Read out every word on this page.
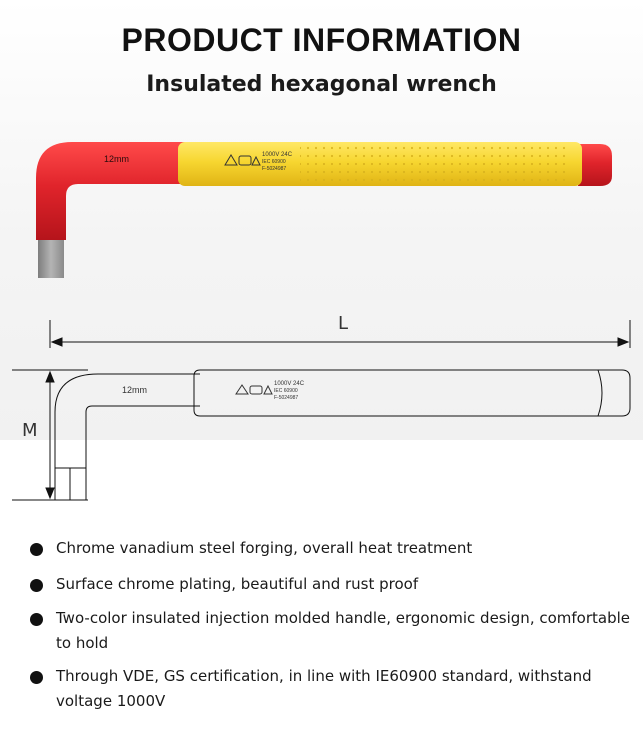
PRODUCT INFORMATION
Insulated hexagonal wrench
12mm	1000V 24C
IEC 60900
F-5024987
L
M
12mm
1000V 24C
IEC 60900
F-5024987
Chrome vanadium steel forging, overall heat treatment
Surface chrome plating, beautiful and rust proof
Two-color insulated injection molded handle, ergonomic design, comfortable to hold
Through VDE, GS certification, in line with IE60900 standard, withstand voltage 1000V
